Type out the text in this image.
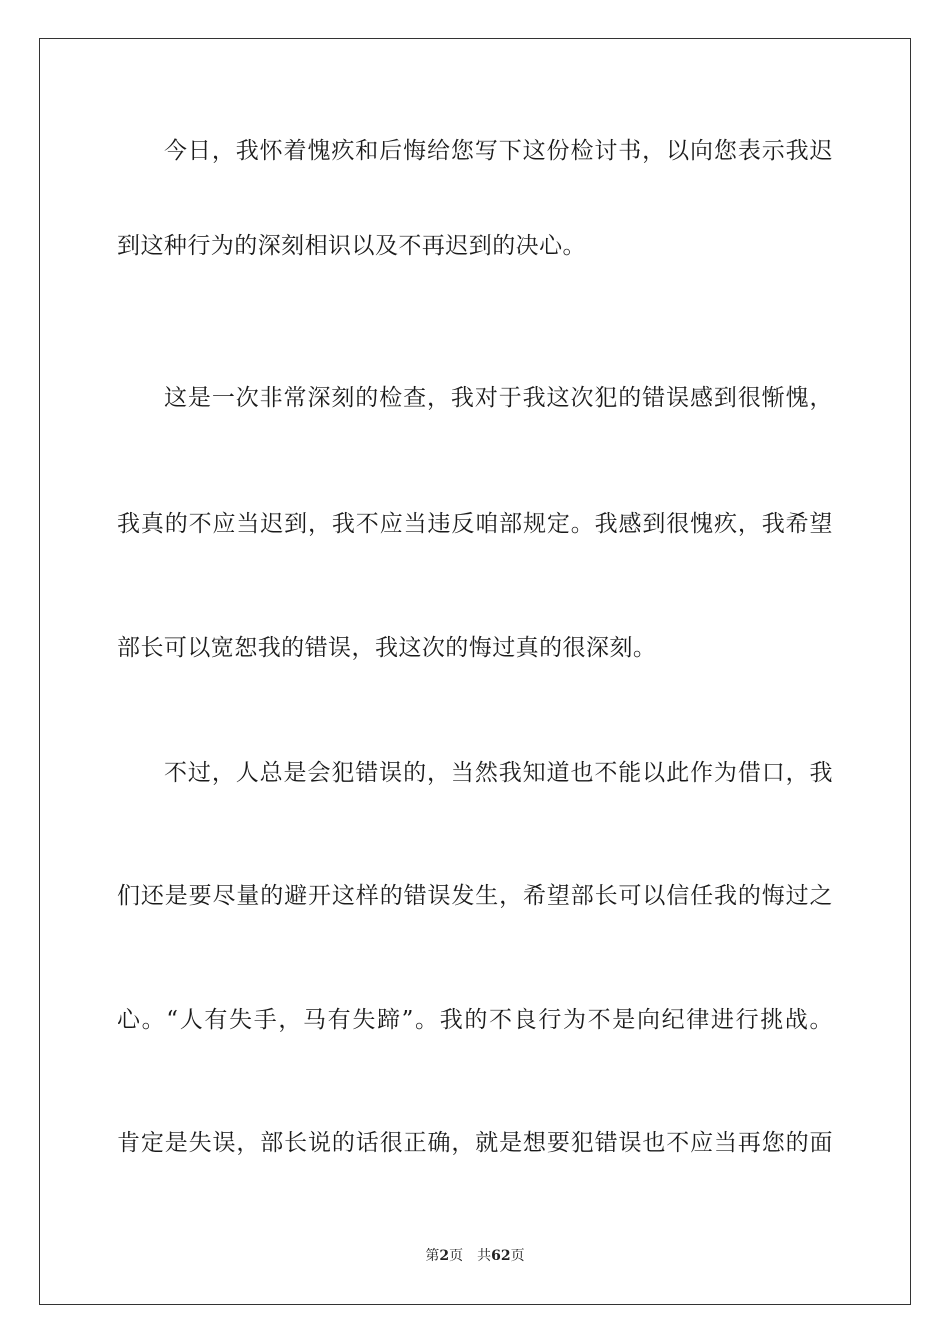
今日，我怀着愧疚和后悔给您写下这份检讨书，以向您表示我迟
到这种行为的深刻相识以及不再迟到的决心。
这是一次非常深刻的检查，我对于我这次犯的错误感到很惭愧，
我真的不应当迟到，我不应当违反咱部规定。我感到很愧疚，我希望
部长可以宽恕我的错误，我这次的悔过真的很深刻。
不过，人总是会犯错误的，当然我知道也不能以此作为借口，我
们还是要尽量的避开这样的错误发生，希望部长可以信任我的悔过之
心。“人有失手，马有失蹄”。我的不良行为不是向纪律进行挑战。
肯定是失误，部长说的话很正确，就是想要犯错误也不应当再您的面
第2页 共62页
